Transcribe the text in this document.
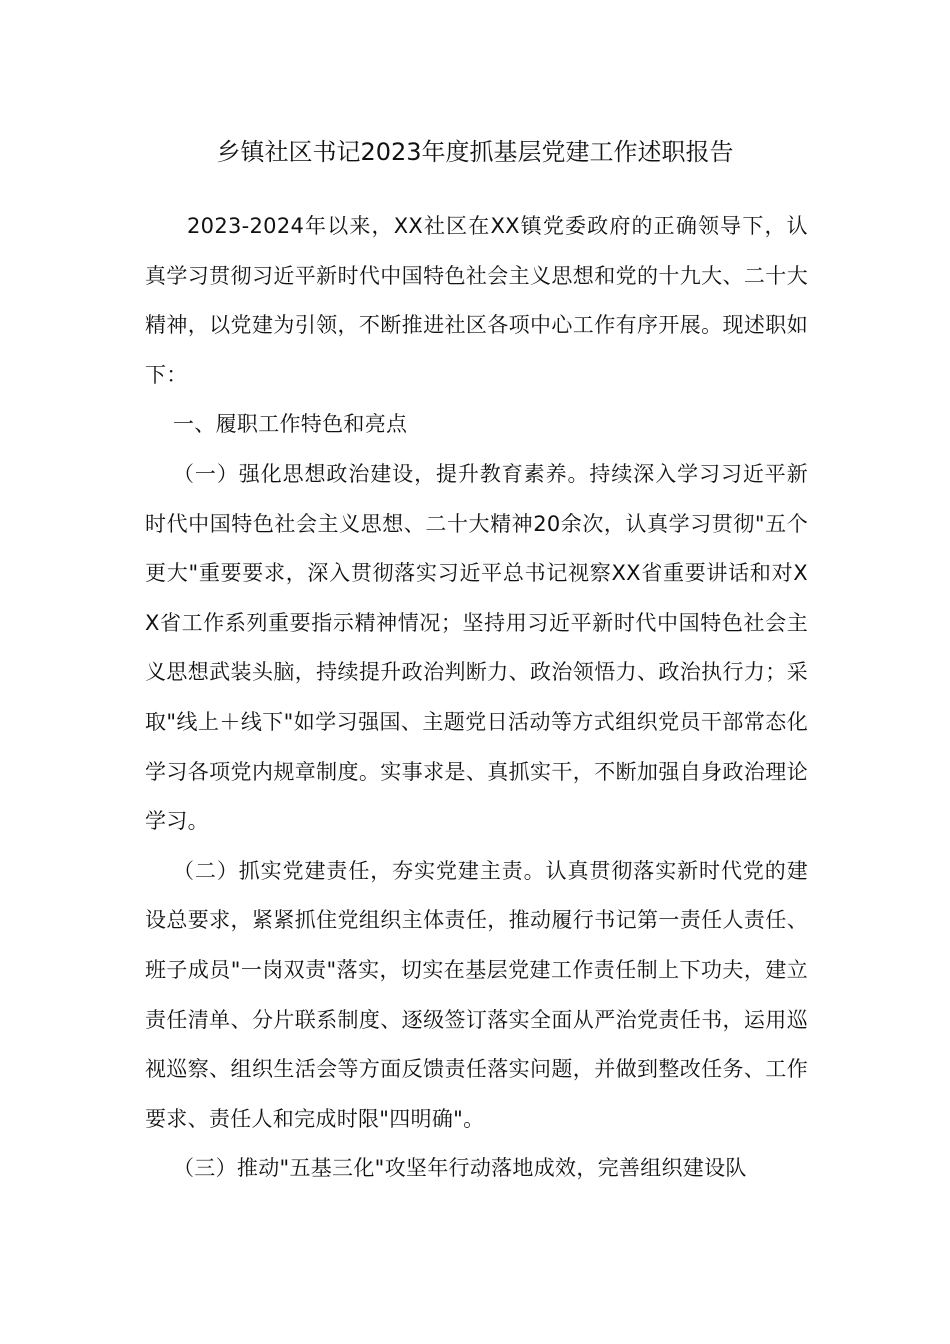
乡镇社区书记2023年度抓基层党建工作述职报告

2023-2024年以来，XX社区在XX镇党委政府的正确领导下，认真学习贯彻习近平新时代中国特色社会主义思想和党的十九大、二十大精神，以党建为引领，不断推进社区各项中心工作有序开展。现述职如下：

一、履职工作特色和亮点

（一）强化思想政治建设，提升教育素养。持续深入学习习近平新时代中国特色社会主义思想、二十大精神20余次，认真学习贯彻"五个更大"重要要求，深入贯彻落实习近平总书记视察XX省重要讲话和对XX省工作系列重要指示精神情况；坚持用习近平新时代中国特色社会主义思想武装头脑，持续提升政治判断力、政治领悟力、政治执行力；采取"线上＋线下"如学习强国、主题党日活动等方式组织党员干部常态化学习各项党内规章制度。实事求是、真抓实干，不断加强自身政治理论学习。

（二）抓实党建责任，夯实党建主责。认真贯彻落实新时代党的建设总要求，紧紧抓住党组织主体责任，推动履行书记第一责任人责任、班子成员"一岗双责"落实，切实在基层党建工作责任制上下功夫，建立责任清单、分片联系制度、逐级签订落实全面从严治党责任书，运用巡视巡察、组织生活会等方面反馈责任落实问题，并做到整改任务、工作要求、责任人和完成时限"四明确"。

（三）推动"五基三化"攻坚年行动落地成效，完善组织建设队
